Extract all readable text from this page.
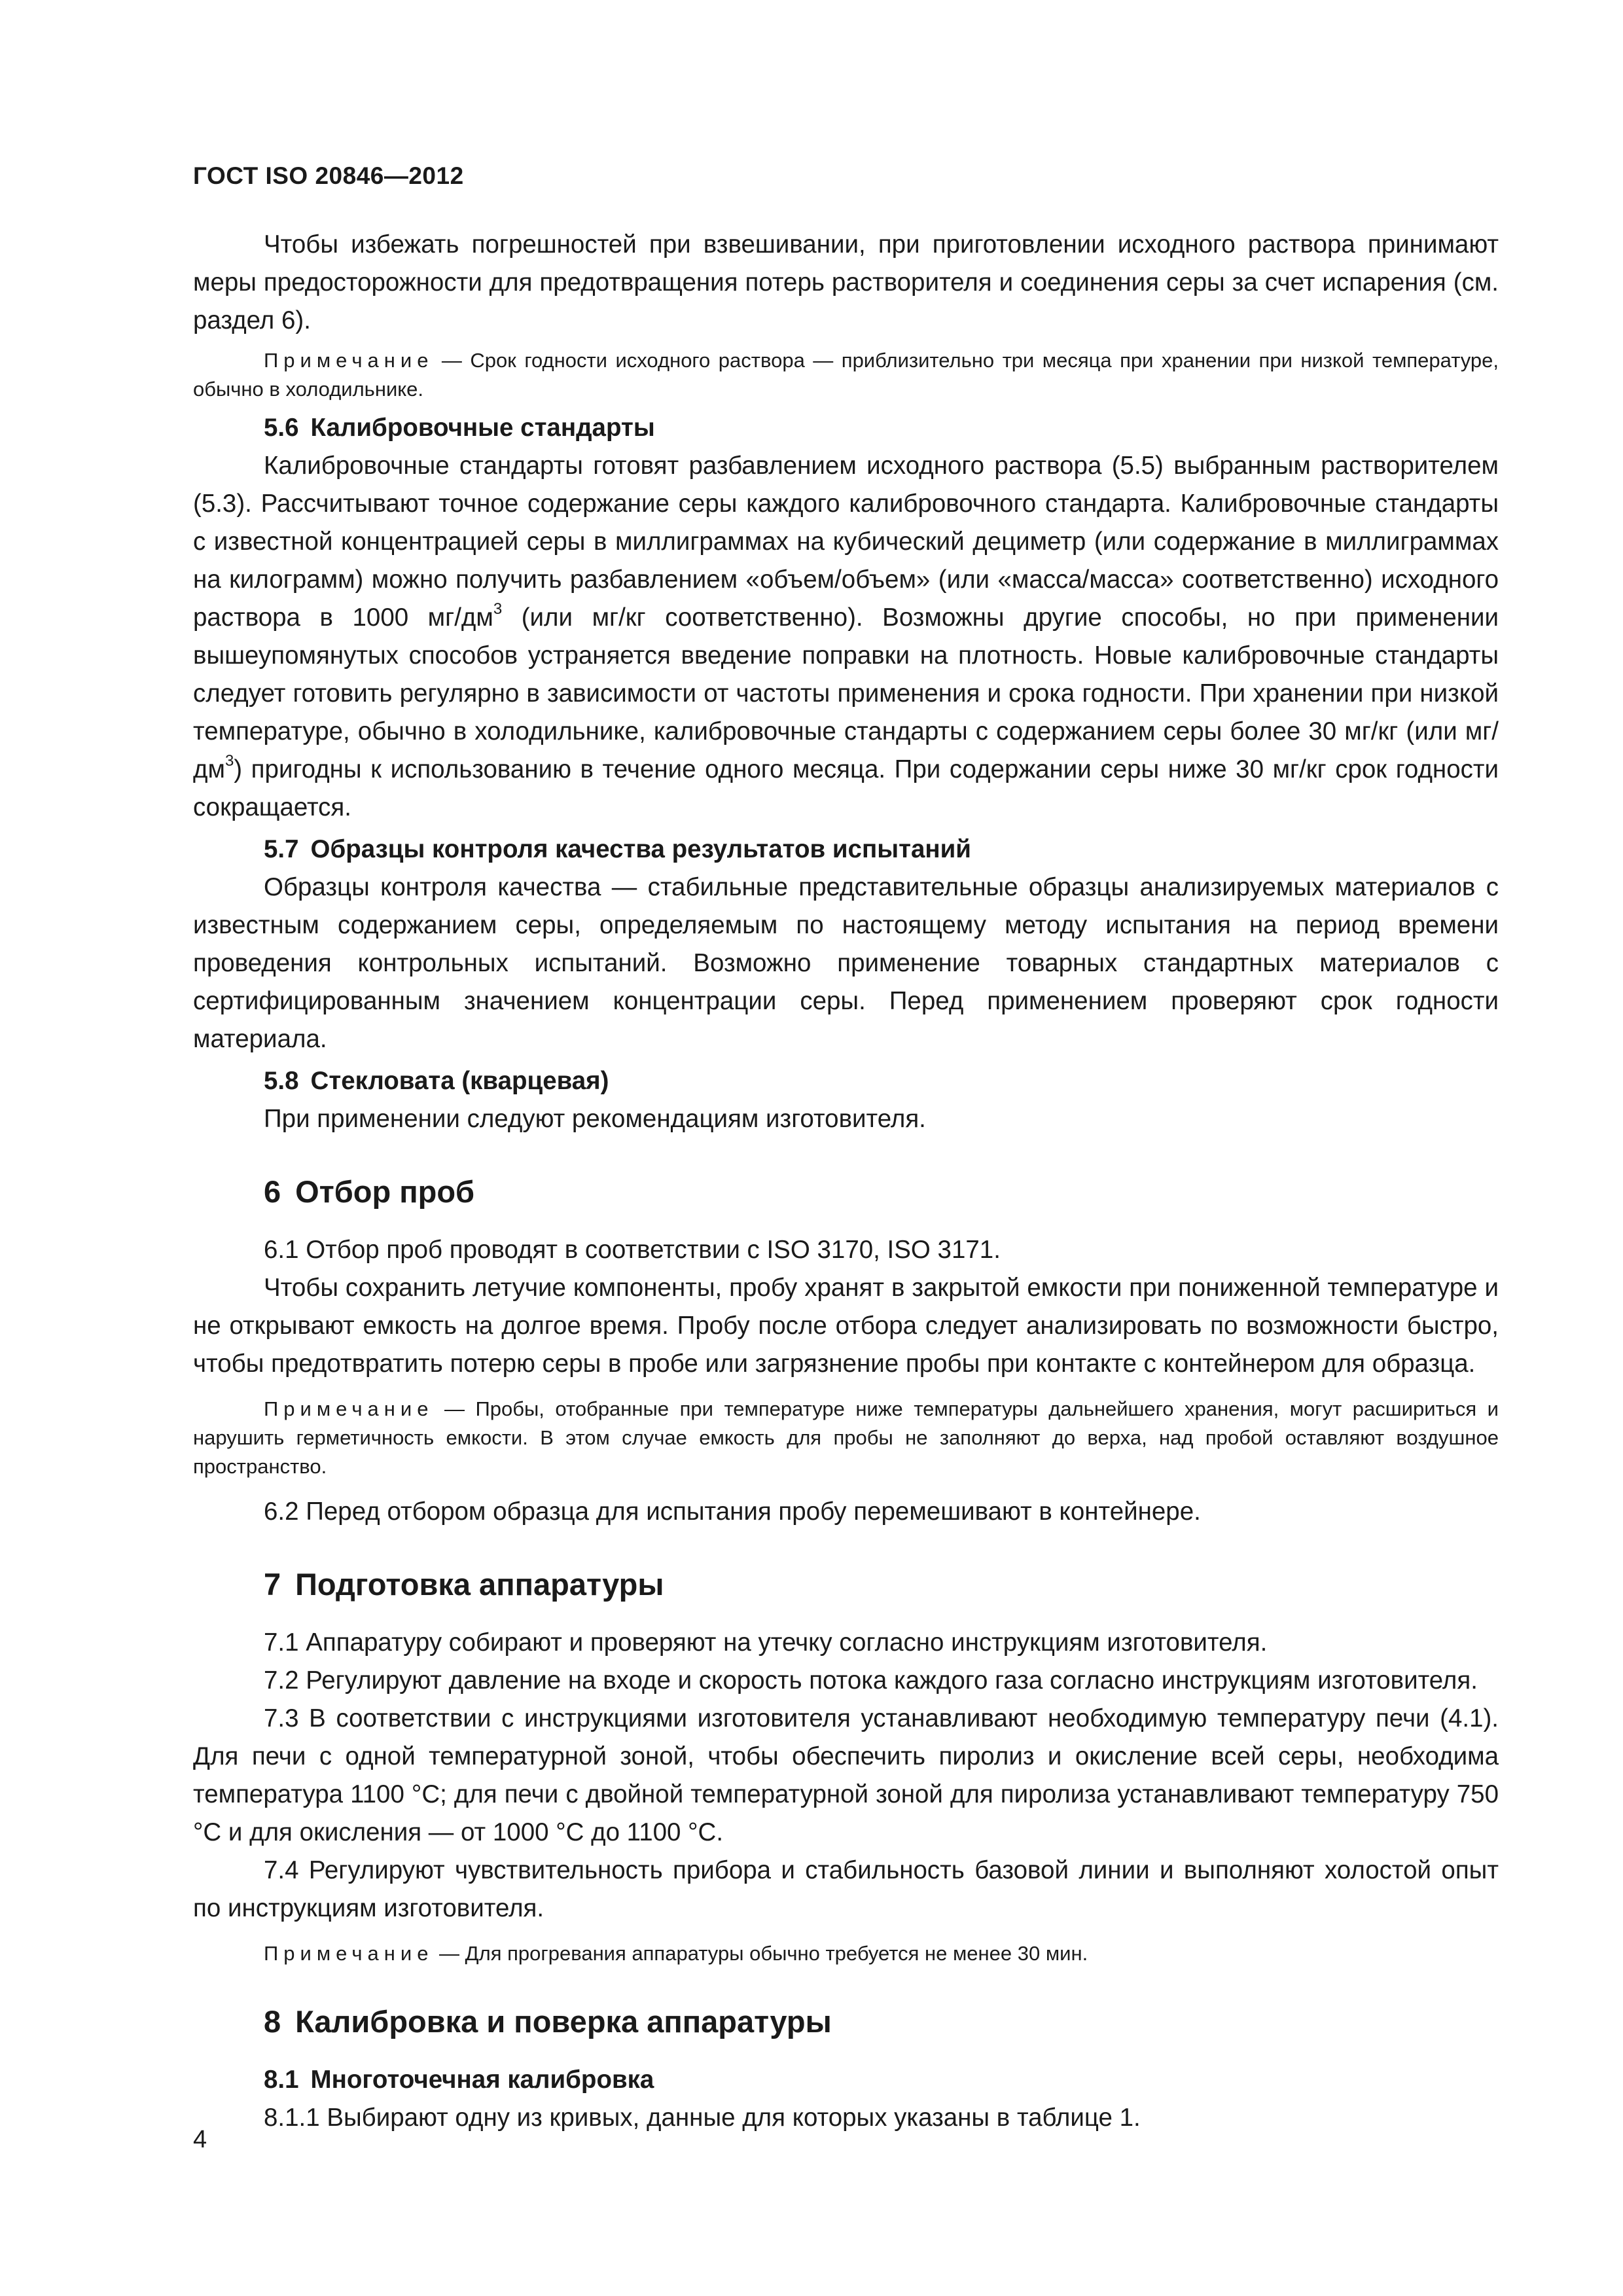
ГОСТ ISO 20846—2012

Чтобы избежать погрешностей при взвешивании, при приготовлении исходного раствора принимают меры предосторожности для предотвращения потерь растворителя и соединения серы за счет испарения (см. раздел 6).

Примечание — Срок годности исходного раствора — приблизительно три месяца при хранении при низкой температуре, обычно в холодильнике.

5.6 Калибровочные стандарты

Калибровочные стандарты готовят разбавлением исходного раствора (5.5) выбранным растворителем (5.3). Рассчитывают точное содержание серы каждого калибровочного стандарта. Калибровочные стандарты с известной концентрацией серы в миллиграммах на кубический дециметр (или содержание в миллиграммах на килограмм) можно получить разбавлением «объем/объем» (или «масса/масса» соответственно) исходного раствора в 1000 $мг/дм^3$ (или мг/кг соответственно). Возможны другие способы, но при применении вышеупомянутых способов устраняется введение поправки на плотность. Новые калибровочные стандарты следует готовить регулярно в зависимости от частоты применения и срока годности. При хранении при низкой температуре, обычно в холодильнике, калибровочные стандарты с содержанием серы более 30 мг/кг (или $мг/дм^3$) пригодны к использованию в течение одного месяца. При содержании серы ниже 30 мг/кг срок годности сокращается.

5.7 Образцы контроля качества результатов испытаний

Образцы контроля качества — стабильные представительные образцы анализируемых материалов с известным содержанием серы, определяемым по настоящему методу испытания на период времени проведения контрольных испытаний. Возможно применение товарных стандартных материалов с сертифицированным значением концентрации серы. Перед применением проверяют срок годности материала.

5.8 Стекловата (кварцевая)

При применении следуют рекомендациям изготовителя.

6 Отбор проб

6.1 Отбор проб проводят в соответствии с ISO 3170, ISO 3171.

Чтобы сохранить летучие компоненты, пробу хранят в закрытой емкости при пониженной температуре и не открывают емкость на долгое время. Пробу после отбора следует анализировать по возможности быстро, чтобы предотвратить потерю серы в пробе или загрязнение пробы при контакте с контейнером для образца.

Примечание — Пробы, отобранные при температуре ниже температуры дальнейшего хранения, могут расшириться и нарушить герметичность емкости. В этом случае емкость для пробы не заполняют до верха, над пробой оставляют воздушное пространство.

6.2 Перед отбором образца для испытания пробу перемешивают в контейнере.

7 Подготовка аппаратуры

7.1 Аппаратуру собирают и проверяют на утечку согласно инструкциям изготовителя.

7.2 Регулируют давление на входе и скорость потока каждого газа согласно инструкциям изготовителя.

7.3 В соответствии с инструкциями изготовителя устанавливают необходимую температуру печи (4.1). Для печи с одной температурной зоной, чтобы обеспечить пиролиз и окисление всей серы, необходима температура 1100 °С; для печи с двойной температурной зоной для пиролиза устанавливают температуру 750 °С и для окисления — от 1000 °С до 1100 °С.

7.4 Регулируют чувствительность прибора и стабильность базовой линии и выполняют холостой опыт по инструкциям изготовителя.

Примечание — Для прогревания аппаратуры обычно требуется не менее 30 мин.

8 Калибровка и поверка аппаратуры
8.1 Многоточечная калибровка

8.1.1 Выбирают одну из кривых, данные для которых указаны в таблице 1.

4
